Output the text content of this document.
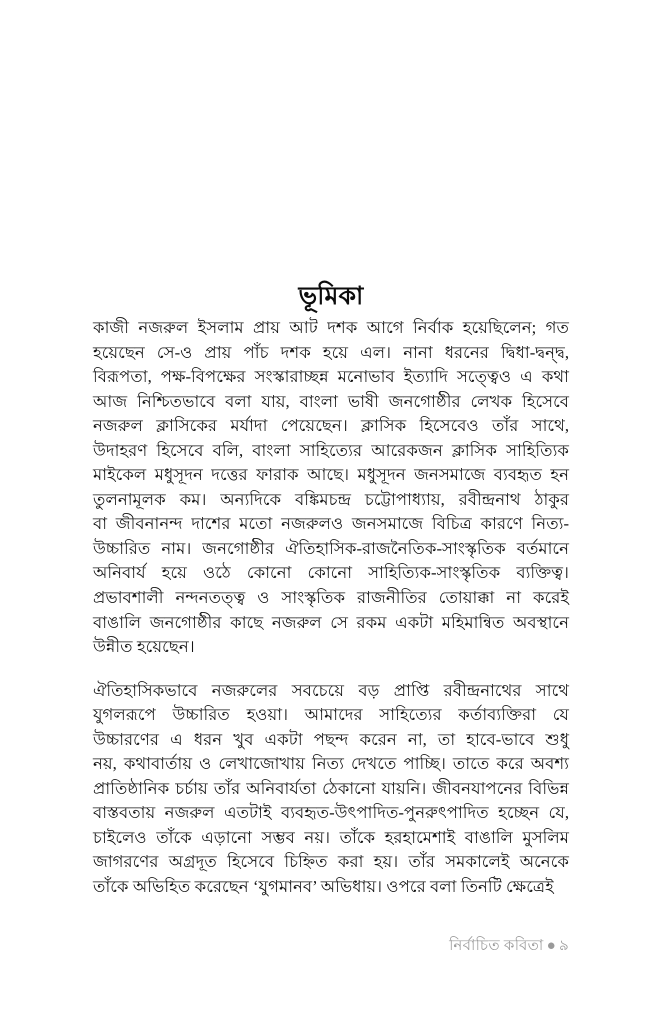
ভূমিকা

কাজী নজরুল ইসলাম প্রায় আট দশক আগে নির্বাক হয়েছিলেন; গত
হয়েছেন সে-ও প্রায় পাঁচ দশক হয়ে এল। নানা ধরনের দ্বিধা-দ্বন্দ্ব,
বিরূপতা, পক্ষ-বিপক্ষের সংস্কারাচ্ছন্ন মনোভাব ইত্যাদি সত্ত্বেও এ কথা
আজ নিশ্চিতভাবে বলা যায়, বাংলা ভাষী জনগোষ্ঠীর লেখক হিসেবে
নজরুল ক্লাসিকের মর্যাদা পেয়েছেন। ক্লাসিক হিসেবেও তাঁর সাথে,
উদাহরণ হিসেবে বলি, বাংলা সাহিত্যের আরেকজন ক্লাসিক সাহিত্যিক
মাইকেল মধুসূদন দত্তের ফারাক আছে। মধুসূদন জনসমাজে ব্যবহৃত হন
তুলনামূলক কম। অন্যদিকে বঙ্কিমচন্দ্র চট্টোপাধ্যায়, রবীন্দ্রনাথ ঠাকুর
বা জীবনানন্দ দাশের মতো নজরুলও জনসমাজে বিচিত্র কারণে নিত্য-
উচ্চারিত নাম। জনগোষ্ঠীর ঐতিহাসিক-রাজনৈতিক-সাংস্কৃতিক বর্তমানে
অনিবার্য হয়ে ওঠে কোনো কোনো সাহিত্যিক-সাংস্কৃতিক ব্যক্তিত্ব।
প্রভাবশালী নন্দনতত্ত্ব ও সাংস্কৃতিক রাজনীতির তোয়াক্কা না করেই
বাঙালি জনগোষ্ঠীর কাছে নজরুল সে রকম একটা মহিমান্বিত অবস্থানে
উন্নীত হয়েছেন।

ঐতিহাসিকভাবে নজরুলের সবচেয়ে বড় প্রাপ্তি রবীন্দ্রনাথের সাথে
যুগলরূপে উচ্চারিত হওয়া। আমাদের সাহিত্যের কর্তাব্যক্তিরা যে
উচ্চারণের এ ধরন খুব একটা পছন্দ করেন না, তা হাবে-ভাবে শুধু
নয়, কথাবার্তায় ও লেখাজোখায় নিত্য দেখতে পাচ্ছি। তাতে করে অবশ্য
প্রাতিষ্ঠানিক চর্চায় তাঁর অনিবার্যতা ঠেকানো যায়নি। জীবনযাপনের বিভিন্ন
বাস্তবতায় নজরুল এতটাই ব্যবহৃত-উৎপাদিত-পুনরুৎপাদিত হচ্ছেন যে,
চাইলেও তাঁকে এড়ানো সম্ভব নয়। তাঁকে হরহামেশাই বাঙালি মুসলিম
জাগরণের অগ্রদূত হিসেবে চিহ্নিত করা হয়। তাঁর সমকালেই অনেকে
তাঁকে অভিহিত করেছেন ‘যুগমানব’ অভিধায়। ওপরে বলা তিনটি ক্ষেত্রেই

নির্বাচিত কবিতা ● ৯
